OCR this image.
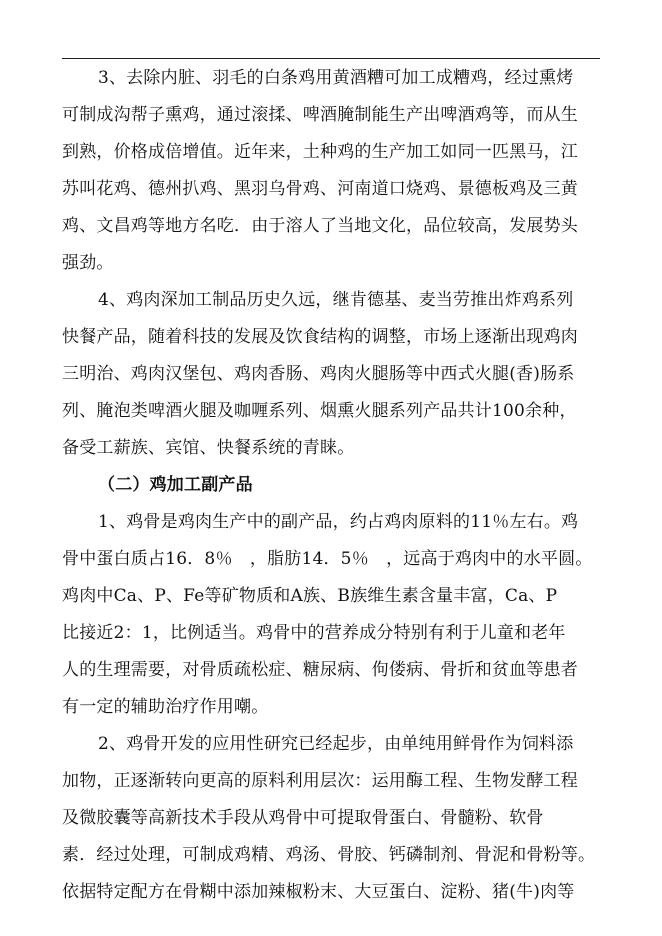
3、去除内脏、羽毛的白条鸡用黄酒糟可加工成糟鸡，经过熏烤
可制成沟帮子熏鸡，通过滚揉、啤酒腌制能生产出啤酒鸡等，而从生
到熟，价格成倍增值。近年来，土种鸡的生产加工如同一匹黑马，江
苏叫花鸡、德州扒鸡、黑羽乌骨鸡、河南道口烧鸡、景德板鸡及三黄
鸡、文昌鸡等地方名吃．由于溶人了当地文化，品位较高，发展势头
强劲。
4、鸡肉深加工制品历史久远，继肯德基、麦当劳推出炸鸡系列
快餐产品，随着科技的发展及饮食结构的调整，市场上逐渐出现鸡肉
三明治、鸡肉汉堡包、鸡肉香肠、鸡肉火腿肠等中西式火腿(香)肠系
列、腌泡类啤酒火腿及咖喱系列、烟熏火腿系列产品共计100余种，
备受工薪族、宾馆、快餐系统的青睐。
（二）鸡加工副产品
1、鸡骨是鸡肉生产中的副产品，约占鸡肉原料的11％左右。鸡
骨中蛋白质占16．8％　，脂肪14．5％　，远高于鸡肉中的水平圆。
鸡肉中Ca、P、Fe等矿物质和A族、B族维生素含量丰富，Ca、P
比接近2：1，比例适当。鸡骨中的营养成分特别有利于儿童和老年
人的生理需要，对骨质疏松症、糖尿病、佝偻病、骨折和贫血等患者
有一定的辅助治疗作用嘲。
2、鸡骨开发的应用性研究已经起步，由单纯用鲜骨作为饲料添
加物，正逐渐转向更高的原料利用层次：运用酶工程、生物发酵工程
及微胶囊等高新技术手段从鸡骨中可提取骨蛋白、骨髓粉、软骨
素．经过处理，可制成鸡精、鸡汤、骨胶、钙磷制剂、骨泥和骨粉等。
依据特定配方在骨糊中添加辣椒粉末、大豆蛋白、淀粉、猪(牛)肉等
